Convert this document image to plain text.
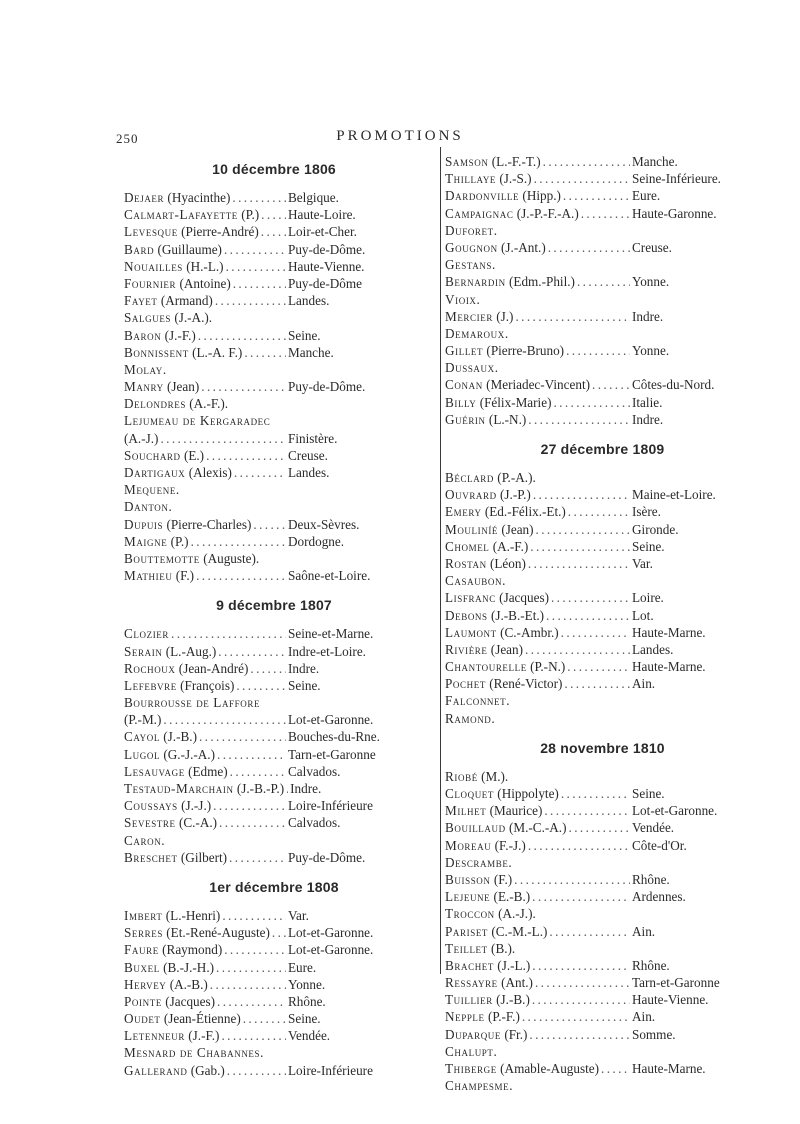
250	PROMOTIONS
10 décembre 1806
Dejaer (Hyacinthe) .....	Belgique.
Calmart-Lafayette (P.) ..... Haute-Loire.
Levesque (Pierre-André) ..... Loir-et-Cher.
Bard (Guillaume) .....	Puy-de-Dôme.
Nouailles (H.-L.) .....	Haute-Vienne.
Fournier (Antoine) .....	Puy-de-Dôme
Fayet (Armand) .....	Landes.
Salgues (J.-A.).
Baron (J.-F.) .....	Seine.
Bonnissent (L.-A. F.) .....	Manche.
Molay.
Manry (Jean) .....	Puy-de-Dôme.
Delondres (A.-F.).
Lejumeau de Kergaradec
(A.-J.) .....	Finistère.
Souchard (E.) .....	Creuse.
Dartigaux (Alexis) .....	Landes.
Mequene.
Danton.
Dupuis (Pierre-Charles) .....	Deux-Sèvres.
Maigne (P.) .....	Dordogne.
Bouttemotte (Auguste).
Mathieu (F.) .....	Saône-et-Loire.
9 décembre 1807
Clozier .....	Seine-et-Marne.
Serain (L.-Aug.) .....	Indre-et-Loire.
Rochoux (Jean-André) .....	Indre.
Lefebvre (François) .....	Seine.
Bourrousse de Laffore
(P.-M.) .....	Lot-et-Garonne.
Cayol (J.-B.) .....	Bouches-du-Rne.
Lugol (G.-J.-A.) .....	Tarn-et-Garonne
Lesauvage (Edme) .....	Calvados.
Testaud-Marchain (J.-B.-P.) ..... Indre.
Coussays (J.-J.) .....	Loire-Inférieure
Sevestre (C.-A.) .....	Calvados.
Caron.
Breschet (Gilbert) .....	Puy-de-Dôme.
1er décembre 1808
Imbert (L.-Henri) .....	Var.
Serres (Et.-René-Auguste) ..... Lot-et-Garonne.
Faure (Raymond) .....	Lot-et-Garonne.
Buxel (B.-J.-H.) .....	Eure.
Hervey (A.-B.) .....	Yonne.
Pointe (Jacques) .....	Rhône.
Oudet (Jean-Étienne) .....	Seine.
Letenneur (J.-F.) .....	Vendée.
Mesnard de Chabannes.
Gallerand (Gab.) .....	Loire-Inférieure
Samson (L.-F.-T.) .....	Manche.
Thillaye (J.-S.) .....	Seine-Inférieure.
Dardonville (Hipp.) .....	Eure.
Campaignac (J.-P.-F.-A.) .....	Haute-Garonne.
Duforet.
Gougnon (J.-Ant.) .....	Creuse.
Gestans.
Bernardin (Edm.-Phil.) .....	Yonne.
Vioix.
Mercier (J.) .....	Indre.
Demaroux.
Gillet (Pierre-Bruno) .....	Yonne.
Dussaux.
Conan (Meriadec-Vincent) .....	Côtes-du-Nord.
Billy (Félix-Marie) .....	Italie.
Guérin (L.-N.) .....	Indre.
27 décembre 1809
Béclard (P.-A.).
Ouvrard (J.-P.) .....	Maine-et-Loire.
Emery (Ed.-Félix.-Et.) .....	Isère.
Mouliníé (Jean) .....	Gironde.
Chomel (A.-F.) .....	Seine.
Rostan (Léon) .....	Var.
Casaubon.
Lisfranc (Jacques) .....	Loire.
Debons (J.-B.-Et.) .....	Lot.
Laumont (C.-Ambr.) .....	Haute-Marne.
Rivière (Jean) .....	Landes.
Chantourelle (P.-N.) .....	Haute-Marne.
Pochet (René-Victor) .....	Ain.
Falconnet.
Ramond.
28 novembre 1810
Riobé (M.).
Cloquet (Hippolyte) .....	Seine.
Milhet (Maurice) .....	Lot-et-Garonne.
Bouillaud (M.-C.-A.) .....	Vendée.
Moreau (F.-J.) .....	Côte-d'Or.
Descrambe.
Buisson (F.) .....	Rhône.
Lejeune (E.-B.) .....	Ardennes.
Troccon (A.-J.).
Pariset (C.-M.-L.) .....	Ain.
Teillet (B.).
Brachet (J.-L.) .....	Rhône.
Ressayre (Ant.) .....	Tarn-et-Garonne
Tuillier (J.-B.) .....	Haute-Vienne.
Nepple (P.-F.) .....	Ain.
Duparque (Fr.) .....	Somme.
Chalupt.
Thiberge (Amable-Auguste) ..... Haute-Marne.
Champesme.
